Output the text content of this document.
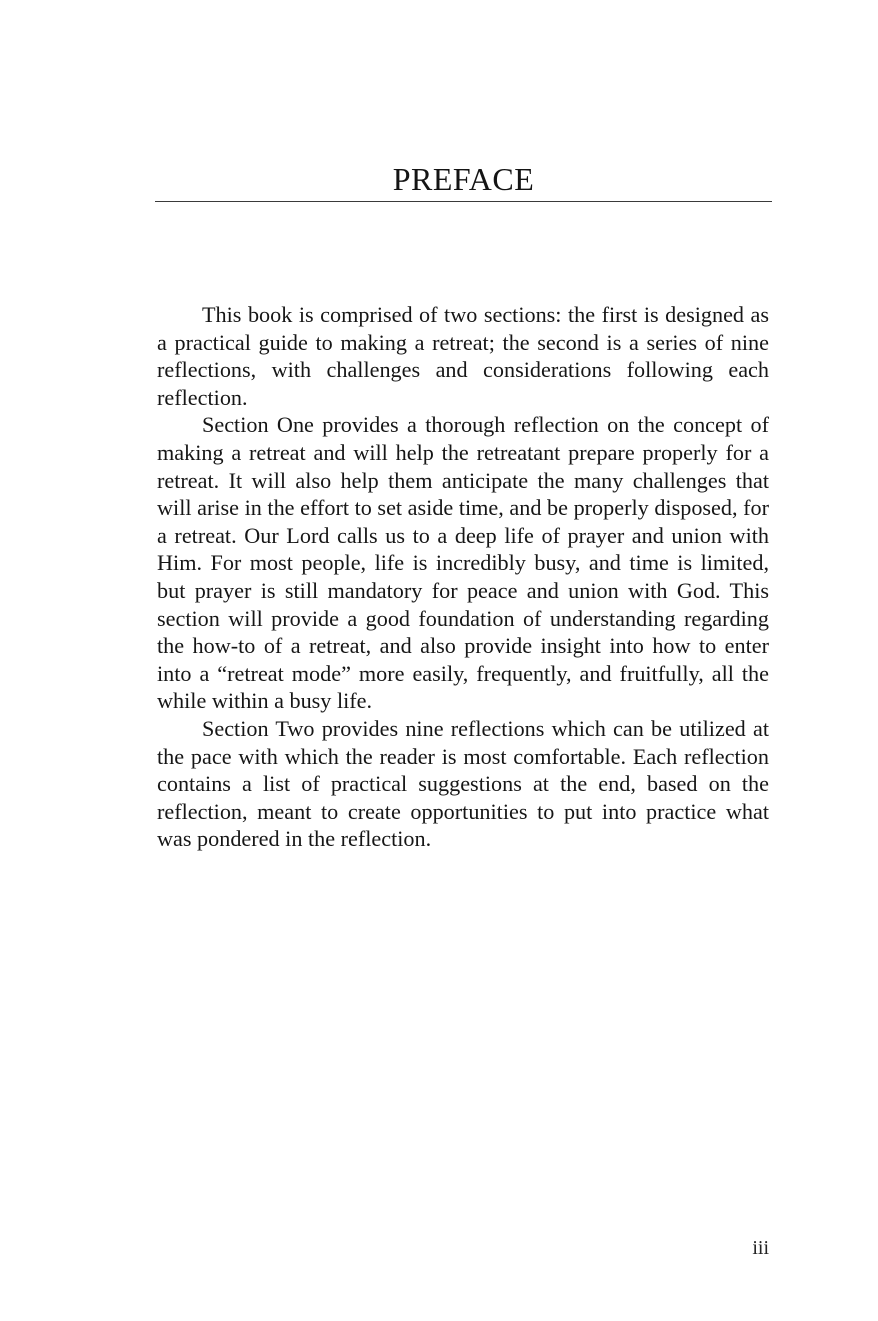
PREFACE

This book is comprised of two sections: the first is designed as a practical guide to making a retreat; the second is a series of nine reflections, with challenges and considerations following each reflection.

Section One provides a thorough reflection on the concept of making a retreat and will help the retreatant prepare properly for a retreat. It will also help them anticipate the many challenges that will arise in the effort to set aside time, and be properly disposed, for a retreat. Our Lord calls us to a deep life of prayer and union with Him. For most people, life is incredibly busy, and time is limited, but prayer is still mandatory for peace and union with God. This section will provide a good foundation of understanding regarding the how-to of a retreat, and also provide insight into how to enter into a “retreat mode” more easily, frequently, and fruitfully, all the while within a busy life.

Section Two provides nine reflections which can be utilized at the pace with which the reader is most comfortable. Each reflection contains a list of practical suggestions at the end, based on the reflection, meant to create opportunities to put into practice what was pondered in the reflection.

iii
